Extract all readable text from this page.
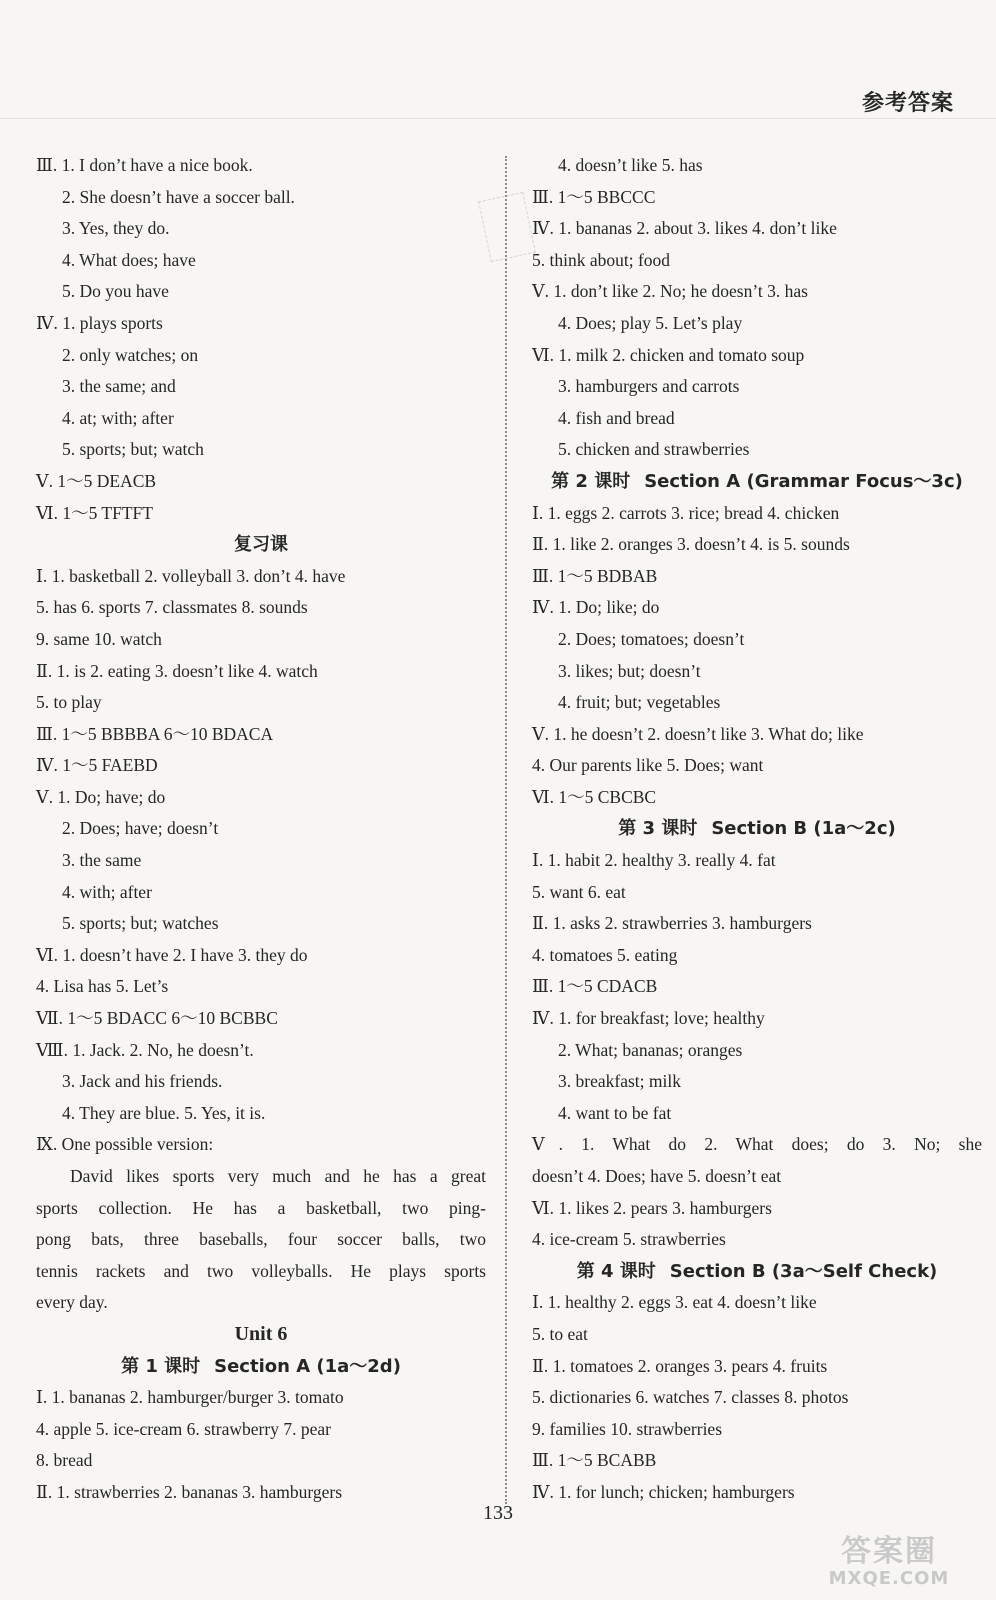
参考答案
Ⅲ. 1. I don’t have a nice book.
2. She doesn’t have a soccer ball.
3. Yes, they do.
4. What does; have
5. Do you have
Ⅳ. 1. plays sports
2. only watches; on
3. the same; and
4. at; with; after
5. sports; but; watch
Ⅴ. 1～5 DEACB
Ⅵ. 1～5 TFTFT
复习课
Ⅰ. 1. basketball 2. volleyball 3. don’t 4. have
5. has 6. sports 7. classmates 8. sounds
9. same 10. watch
Ⅱ. 1. is 2. eating 3. doesn’t like 4. watch
5. to play
Ⅲ. 1～5 BBBBA 6～10 BDACA
Ⅳ. 1～5 FAEBD
Ⅴ. 1. Do; have; do
2. Does; have; doesn’t
3. the same
4. with; after
5. sports; but; watches
Ⅵ. 1. doesn’t have 2. I have 3. they do
4. Lisa has 5. Let’s
Ⅶ. 1～5 BDACC 6～10 BCBBC
Ⅷ. 1. Jack. 2. No, he doesn’t.
3. Jack and his friends.
4. They are blue. 5. Yes, it is.
Ⅸ. One possible version:
David likes sports very much and he has a great
sports collection. He has a basketball, two ping-
pong bats, three baseballs, four soccer balls, two
tennis rackets and two volleyballs. He plays sports
every day.
Unit 6
第 1 课时 Section A (1a～2d)
Ⅰ. 1. bananas 2. hamburger/burger 3. tomato
4. apple 5. ice-cream 6. strawberry 7. pear
8. bread
Ⅱ. 1. strawberries 2. bananas 3. hamburgers
4. doesn’t like 5. has
Ⅲ. 1～5 BBCCC
Ⅳ. 1. bananas 2. about 3. likes 4. don’t like
5. think about; food
Ⅴ. 1. don’t like 2. No; he doesn’t 3. has
4. Does; play 5. Let’s play
Ⅵ. 1. milk 2. chicken and tomato soup
3. hamburgers and carrots
4. fish and bread
5. chicken and strawberries
第 2 课时 Section A (Grammar Focus～3c)
Ⅰ. 1. eggs 2. carrots 3. rice; bread 4. chicken
Ⅱ. 1. like 2. oranges 3. doesn’t 4. is 5. sounds
Ⅲ. 1～5 BDBAB
Ⅳ. 1. Do; like; do
2. Does; tomatoes; doesn’t
3. likes; but; doesn’t
4. fruit; but; vegetables
Ⅴ. 1. he doesn’t 2. doesn’t like 3. What do; like
4. Our parents like 5. Does; want
Ⅵ. 1～5 CBCBC
第 3 课时 Section B (1a～2c)
Ⅰ. 1. habit 2. healthy 3. really 4. fat
5. want 6. eat
Ⅱ. 1. asks 2. strawberries 3. hamburgers
4. tomatoes 5. eating
Ⅲ. 1～5 CDACB
Ⅳ. 1. for breakfast; love; healthy
2. What; bananas; oranges
3. breakfast; milk
4. want to be fat
Ⅴ. 1. What do 2. What does; do 3. No; she
doesn’t 4. Does; have 5. doesn’t eat
Ⅵ. 1. likes 2. pears 3. hamburgers
4. ice-cream 5. strawberries
第 4 课时 Section B (3a～Self Check)
Ⅰ. 1. healthy 2. eggs 3. eat 4. doesn’t like
5. to eat
Ⅱ. 1. tomatoes 2. oranges 3. pears 4. fruits
5. dictionaries 6. watches 7. classes 8. photos
9. families 10. strawberries
Ⅲ. 1～5 BCABB
Ⅳ. 1. for lunch; chicken; hamburgers
133
答案圈
MXQE.COM
